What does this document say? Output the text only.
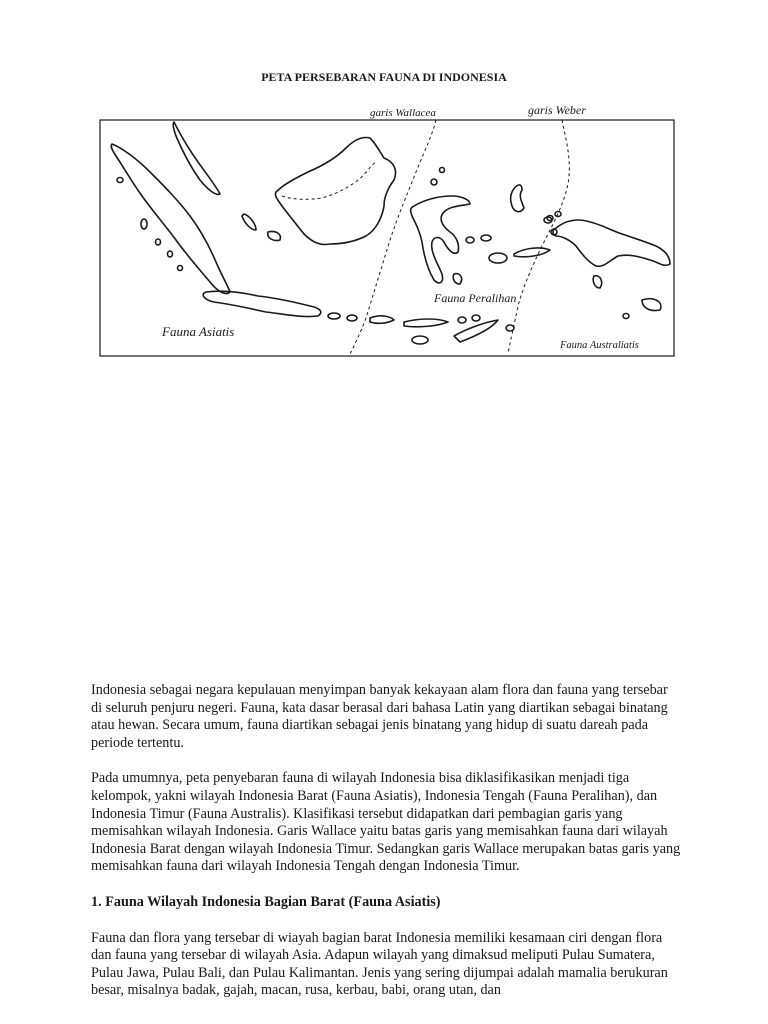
PETA PERSEBARAN FAUNA DI INDONESIA
garis Wallacea	garis Weber
Fauna Asiatis
Fauna Peralihan
Fauna Australiatis

Indonesia sebagai negara kepulauan menyimpan banyak kekayaan alam flora dan fauna yang tersebar di seluruh penjuru negeri. Fauna, kata dasar berasal dari bahasa Latin yang diartikan sebagai binatang atau hewan. Secara umum, fauna diartikan sebagai jenis binatang yang hidup di suatu dareah pada periode tertentu.

Pada umumnya, peta penyebaran fauna di wilayah Indonesia bisa diklasifikasikan menjadi tiga kelompok, yakni wilayah Indonesia Barat (Fauna Asiatis), Indonesia Tengah (Fauna Peralihan), dan Indonesia Timur (Fauna Australis). Klasifikasi tersebut didapatkan dari pembagian garis yang memisahkan wilayah Indonesia. Garis Wallace yaitu batas garis yang memisahkan fauna dari wilayah Indonesia Barat dengan wilayah Indonesia Timur. Sedangkan garis Wallace merupakan batas garis yang memisahkan fauna dari wilayah Indonesia Tengah dengan Indonesia Timur.

1. Fauna Wilayah Indonesia Bagian Barat (Fauna Asiatis)

Fauna dan flora yang tersebar di wiayah bagian barat Indonesia memiliki kesamaan ciri dengan flora dan fauna yang tersebar di wilayah Asia. Adapun wilayah yang dimaksud meliputi Pulau Sumatera, Pulau Jawa, Pulau Bali, dan Pulau Kalimantan. Jenis yang sering dijumpai adalah mamalia berukuran besar, misalnya badak, gajah, macan, rusa, kerbau, babi, orang utan, dan
